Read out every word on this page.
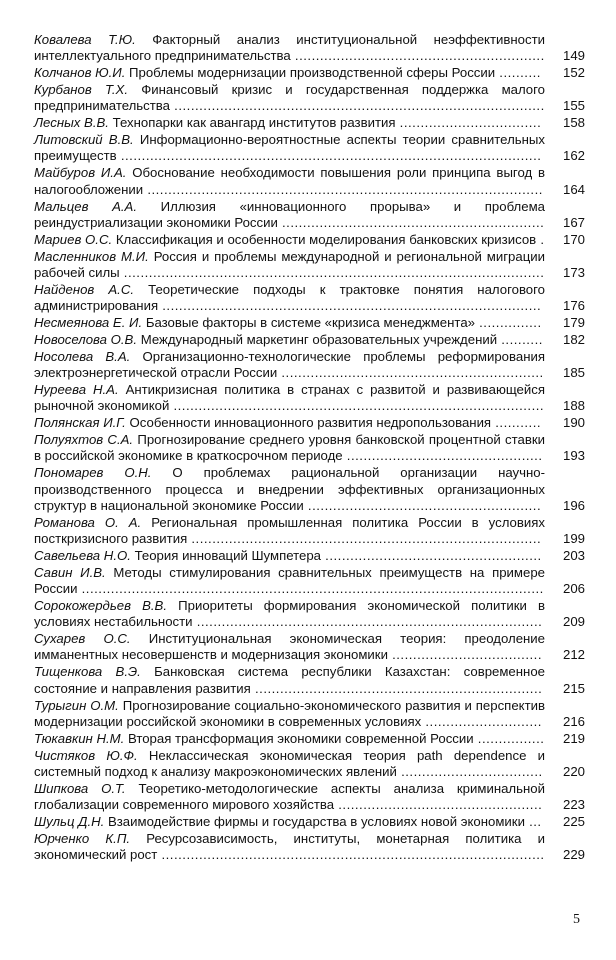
Ковалева Т.Ю. Факторный анализ институциональной неэффективности интеллектуального предпринимательства ............................................................	149
Колчанов Ю.И. Проблемы модернизации производственной сферы России ..........	152
Курбанов Т.Х. Финансовый кризис и государственная поддержка малого предпринимательства .........................................................................................	155
Лесных В.В. Технопарки как авангард институтов развития ..................................	158
Литовский В.В. Информационно-вероятностные аспекты теории сравнительных преимуществ .....................................................................................................	162
Майбуров И.А. Обоснование необходимости повышения роли принципа выгод в налогообложении ...............................................................................................	164
Мальцев А.А. Иллюзия «инновационного прорыва» и проблема реиндустриализации экономики России ...............................................................	167
Мариев О.С. Классификация и особенности моделирования банковских кризисов .	170
Масленников М.И. Россия и проблемы международной и региональной миграции рабочей силы .....................................................................................................	173
Найденов А.С. Теоретические подходы к трактовке понятия налогового администрирования ...........................................................................................	176
Несмеянова Е. И. Базовые факторы в системе «кризиса менеджмента» ...............	179
Новоселова О.В. Международный маркетинг образовательных учреждений ..........	182
Носолева В.А. Организационно-технологические проблемы реформирования электроэнергетической отрасли России ...............................................................	185
Нуреева Н.А. Антикризисная политика в странах с развитой и развивающейся рыночной экономикой .........................................................................................	188
Полянская И.Г. Особенности инновационного развития недропользования ...........	190
Полуяхтов С.А. Прогнозирование среднего уровня банковской процентной ставки в российской экономике в краткосрочном периоде ...............................................	193
Пономарев О.Н. О проблемах рациональной организации научно-производственного процесса и внедрении эффективных организационных структур в национальной экономике России ........................................................	196
Романова О. А. Региональная промышленная политика России в условиях посткризисного развития ....................................................................................	199
Савельева Н.О. Теория инноваций Шумпетера ....................................................	203
Савин И.В. Методы стимулирования сравнительных преимуществ на примере России ...............................................................................................................	206
Сорокожердьев В.В. Приоритеты формирования экономической политики в условиях нестабильности ...................................................................................	209
Сухарев О.С. Институциональная экономическая теория: преодоление имманентных несовершенств и модернизация экономики ....................................	212
Тищенкова В.Э. Банковская система республики Казахстан: современное состояние и направления развития .....................................................................	215
Турыгин О.М. Прогнозирование социально-экономического развития и перспектив модернизации российской экономики в современных условиях ............................	216
Тюкавкин Н.М. Вторая трансформация экономики современной России ................	219
Чистяков Ю.Ф. Неклассическая экономическая теория path dependence и системный подход к анализу макроэкономических явлений ..................................	220
Шипкова О.Т. Теоретико-методологические аспекты анализа криминальной глобализации современного мирового хозяйства .................................................	223
Шульц Д.Н. Взаимодействие фирмы и государства в условиях новой экономики ...	225
Юрченко К.П. Ресурсозависимость, институты, монетарная политика и экономический рост ............................................................................................	229
5
